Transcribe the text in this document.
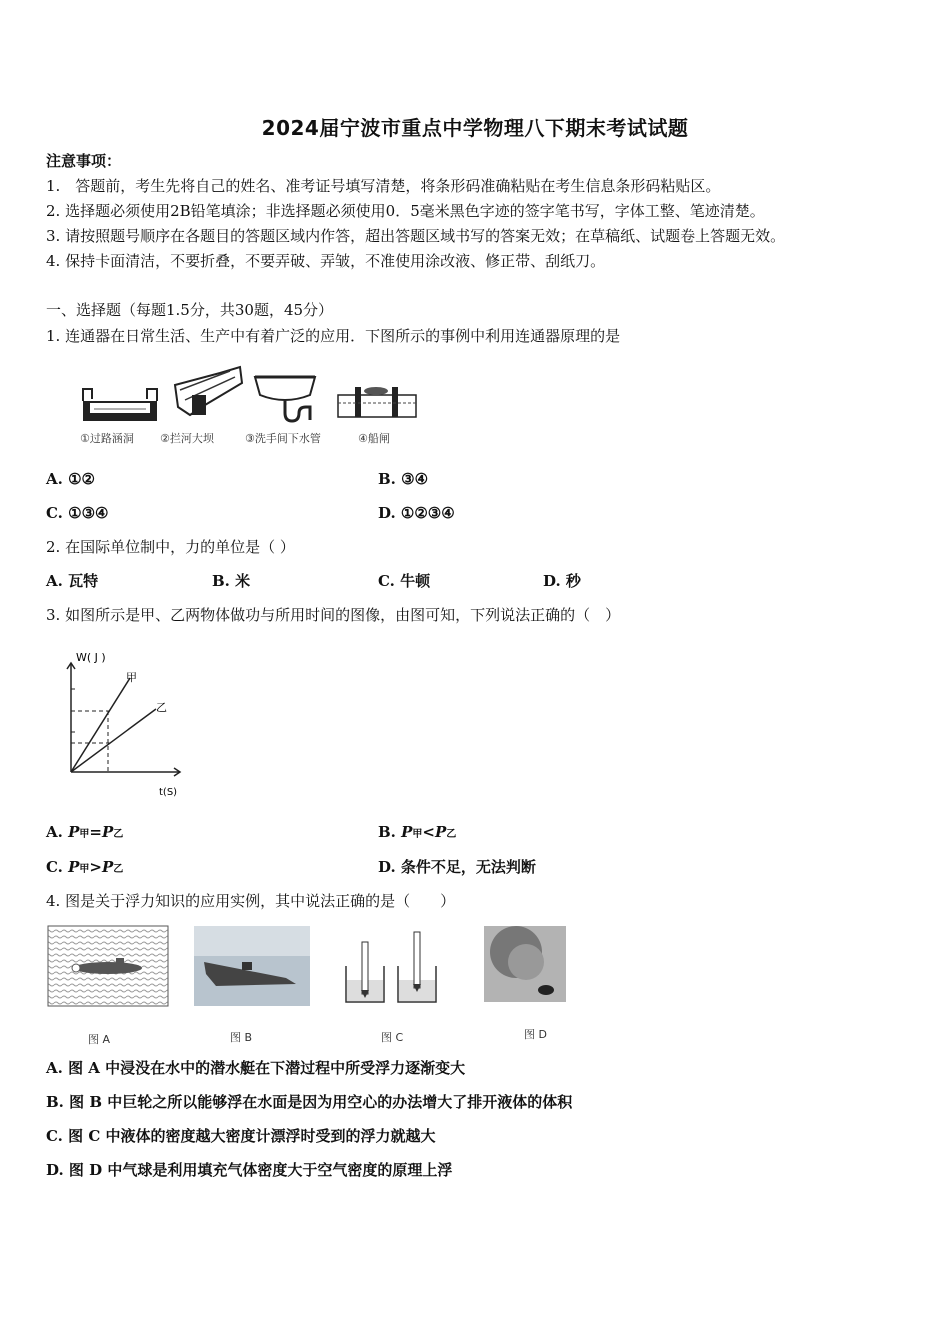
2024届宁波市重点中学物理八下期末考试试题
注意事项：
1.　答题前，考生先将自己的姓名、准考证号填写清楚，将条形码准确粘贴在考生信息条形码粘贴区。
2. 选择题必须使用2B铅笔填涂；非选择题必须使用0．5毫米黑色字迹的签字笔书写，字体工整、笔迹清楚。
3. 请按照题号顺序在各题目的答题区域内作答，超出答题区域书写的答案无效；在草稿纸、试题卷上答题无效。
4. 保持卡面清洁，不要折叠，不要弄破、弄皱，不准使用涂改液、修正带、刮纸刀。
一、选择题（每题1.5分，共30题，45分）
1. 连通器在日常生活、生产中有着广泛的应用．下图所示的事例中利用连通器原理的是
①过路涵洞 ②拦河大坝	③洗手间下水管	④船闸
A. ①②	B. ③④
C. ①③④	D. ①②③④
2. 在国际单位制中，力的单位是（ ）
A. 瓦特	B. 米	C. 牛顿	D. 秒
3. 如图所示是甲、乙两物体做功与所用时间的图像，由图可知，下列说法正确的（　）
W( J )
t(S)
甲
乙
A. P甲=P乙	B. P甲<P乙
C. P甲>P乙	D. 条件不足，无法判断
4. 图是关于浮力知识的应用实例，其中说法正确的是（　　）
图 A	图 B	图 C	图 D
A. 图 A 中浸没在水中的潜水艇在下潜过程中所受浮力逐渐变大
B. 图 B 中巨轮之所以能够浮在水面是因为用空心的办法增大了排开液体的体积
C. 图 C 中液体的密度越大密度计漂浮时受到的浮力就越大
D. 图 D 中气球是利用填充气体密度大于空气密度的原理上浮
